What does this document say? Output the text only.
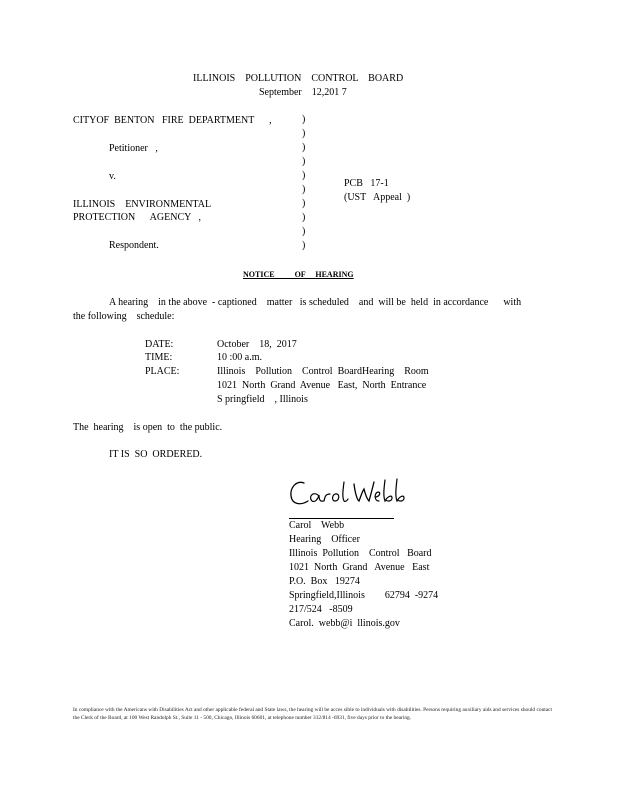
ILLINOIS    POLLUTION    CONTROL    BOARD
September    12,201 7
CITYOF  BENTON   FIRE  DEPARTMENT      ,
Petitioner   ,
v.
ILLINOIS    ENVIRONMENTAL
PROTECTION      AGENCY   ,
Respondent.
)
)
)
)
)
)
)
)
)
)
PCB   17-1
(UST   Appeal  )
NOTICE          OF     HEARING
A hearing    in the above  - captioned    matter   is scheduled    and  will be  held  in accordance      with
the following    schedule:
DATE:	October    18,  2017
TIME:	10 :00 a.m.
PLACE:	Illinois    Pollution    Control  BoardHearing    Room
1021  North  Grand  Avenue   East,  North  Entrance
S pringfield    , Illinois
The  hearing    is open  to  the public.
IT IS  SO  ORDERED.
Carol    Webb
Hearing    Officer
Illinois  Pollution    Control   Board
1021  North  Grand   Avenue   East
P.O.  Box   19274
Springfield,Illinois        62794  -9274
217/524   -8509
Carol.  webb@i  llinois.gov
In compliance with the Americans with Disabilities Act and other applicable federal and State laws, the hearing will be acces sible to individuals with disabilities. Persons requiring auxiliary aids and services should contact the Clerk of the Board, at 100 West Randolph St., Suite 11 - 500, Chicago, Illinois 60601, at telephone number 312/814 -6931, five days prior to the hearing.
